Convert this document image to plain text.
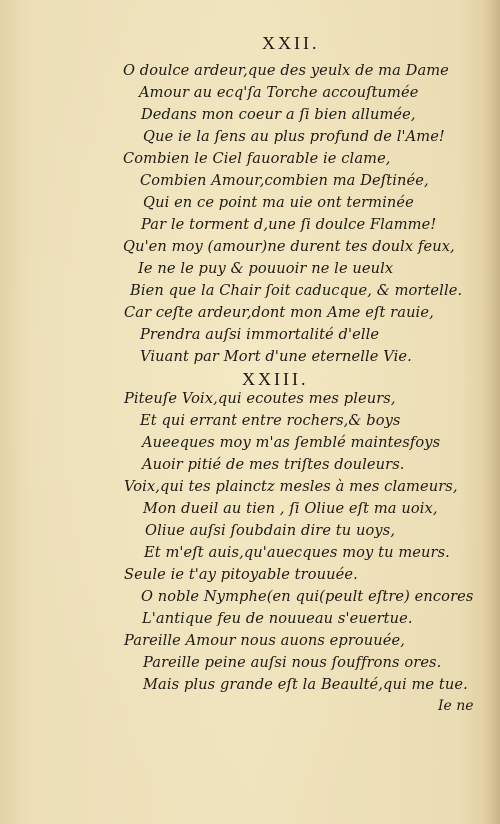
XXII.
O doulce ardeur,que des yeulx de ma Dame
Amour au ecq'ſa Torche accouſtumée
Dedans mon coeur a ſi bien allumée,
Que ie la ſens au plus profund de l'Ame!
Combien le Ciel fauorable ie clame,
Combien Amour,combien ma Deſtinée,
Qui en ce point ma uie ont terminée
Par le torment d,une ſi doulce Flamme!
Qu'en moy (amour)ne durent tes doulx feux,
Ie ne le puy & pouuoir ne le ueulx
Bien que la Chair ſoit caducque, & mortelle.
Car ceſte ardeur,dont mon Ame eſt rauie,
Prendra auſsi immortalité d'elle
Viuant par Mort d'une eternelle Vie.
XXIII.
Piteuſe Voix,qui ecoutes mes pleurs,
Et qui errant entre rochers,& boys
Aueeques moy m'as ſemblé maintesfoys
Auoir pitié de mes triſtes douleurs.
Voix,qui tes plainctz mesles à mes clameurs,
Mon dueil au tien , ſi Oliue eſt ma uoix,
Oliue auſsi ſoubdain dire tu uoys,
Et m'eſt auis,qu'auecques moy tu meurs.
Seule ie t'ay pitoyable trouuée.
O noble Nymphe(en qui(peult eſtre) encores
L'antique feu de nouueau s'euertue.
Pareille Amour nous auons eprouuée,
Pareille peine auſsi nous ſouffrons ores.
Mais plus grande eſt la Beaulté,qui me tue.
Ie ne
